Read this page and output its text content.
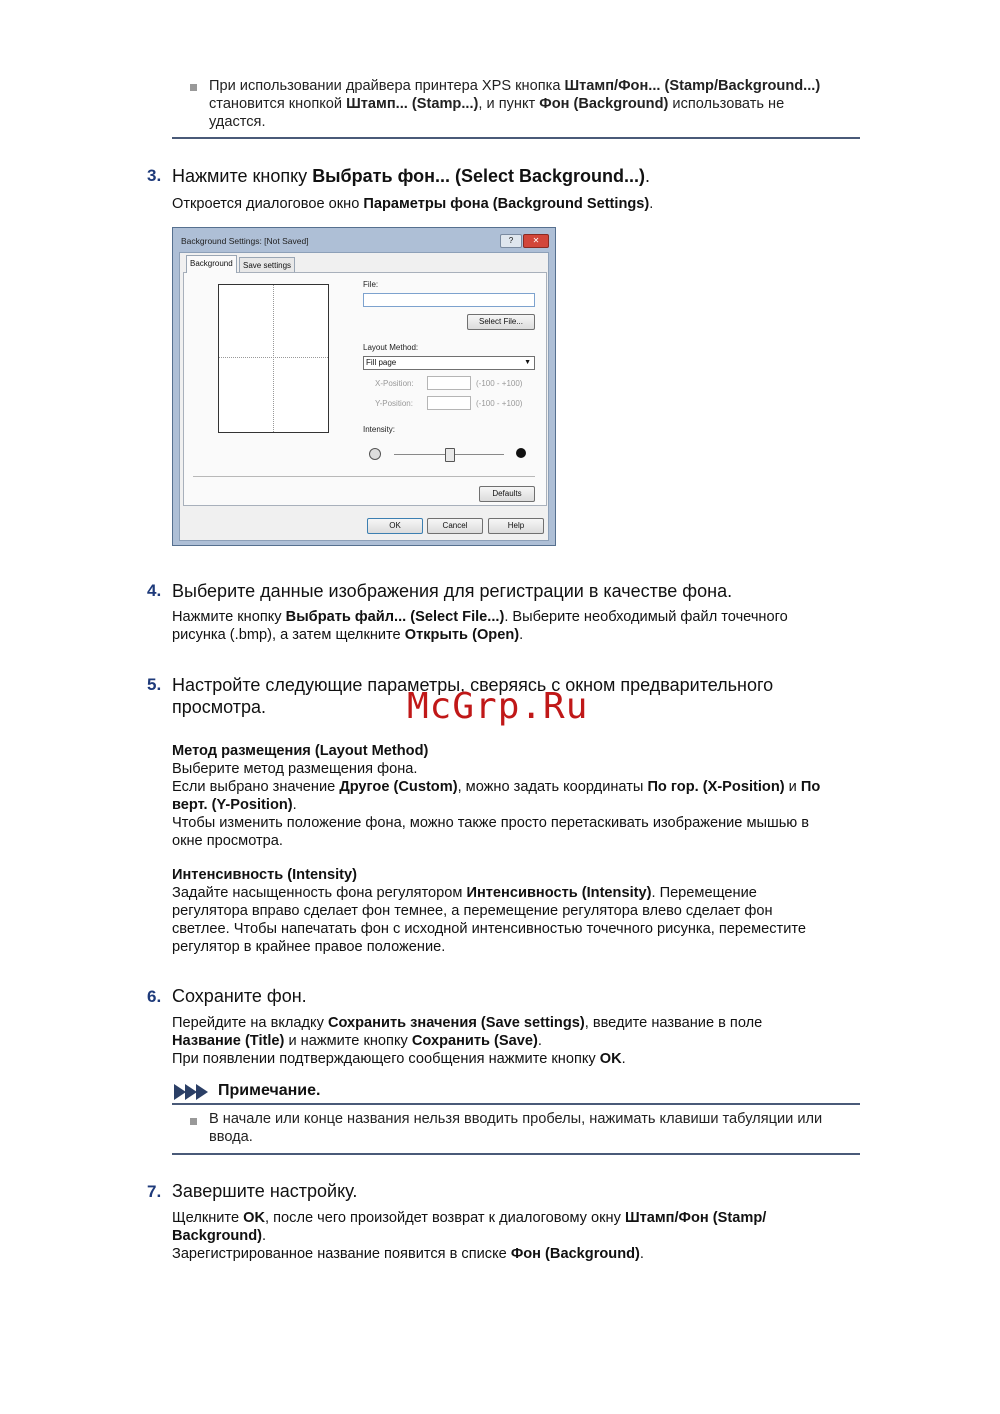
При использовании драйвера принтера XPS кнопка Штамп/Фон... (Stamp/Background...)
становится кнопкой Штамп... (Stamp...), и пункт Фон (Background) использовать не
удастся.
3. Нажмите кнопку Выбрать фон... (Select Background...).
Откроется диалоговое окно Параметры фона (Background Settings).
Background Settings: [Not Saved]	?	✕
Background	Save settings
File:
Select File...
Layout Method:
Fill page	▼
X-Position:	(-100 - +100)
Y-Position:	(-100 - +100)
Intensity:
Defaults
OK	Cancel	Help
4. Выберите данные изображения для регистрации в качестве фона.
Нажмите кнопку Выбрать файл... (Select File...). Выберите необходимый файл точечного
рисунка (.bmp), а затем щелкните Открыть (Open).
5. Настройте следующие параметры, сверяясь с окном предварительного
просмотра.	McGrp.Ru
Метод размещения (Layout Method)
Выберите метод размещения фона.
Если выбрано значение Другое (Custom), можно задать координаты По гор. (X-Position) и По
верт. (Y-Position).
Чтобы изменить положение фона, можно также просто перетаскивать изображение мышью в
окне просмотра.
Интенсивность (Intensity)
Задайте насыщенность фона регулятором Интенсивность (Intensity). Перемещение
регулятора вправо сделает фон темнее, а перемещение регулятора влево сделает фон
светлее. Чтобы напечатать фон с исходной интенсивностью точечного рисунка, переместите
регулятор в крайнее правое положение.
6. Сохраните фон.
Перейдите на вкладку Сохранить значения (Save settings), введите название в поле
Название (Title) и нажмите кнопку Сохранить (Save).
При появлении подтверждающего сообщения нажмите кнопку OK.
Примечание.
В начале или конце названия нельзя вводить пробелы, нажимать клавиши табуляции или
ввода.
7. Завершите настройку.
Щелкните OK, после чего произойдет возврат к диалоговому окну Штамп/Фон (Stamp/
Background).
Зарегистрированное название появится в списке Фон (Background).
